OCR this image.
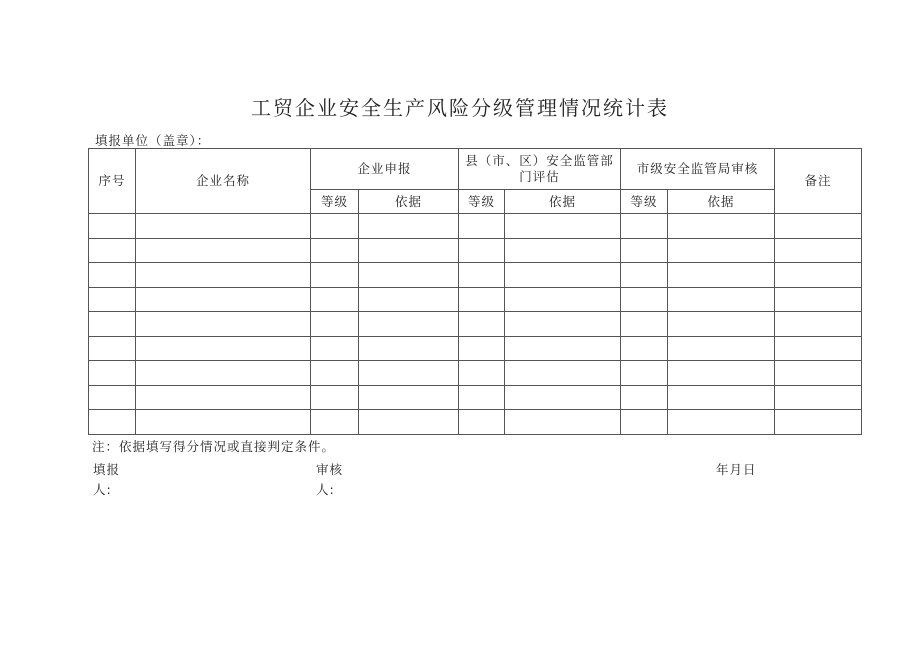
工贸企业安全生产风险分级管理情况统计表
填报单位（盖章）：
序号	企业名称	企业申报		县（市、区）安全监管部门评估		市级安全监管局审核		备注
		等级	依据	等级	依据	等级	依据	

注：依据填写得分情况或直接判定条件。
填报人:
审核人:
年月日
